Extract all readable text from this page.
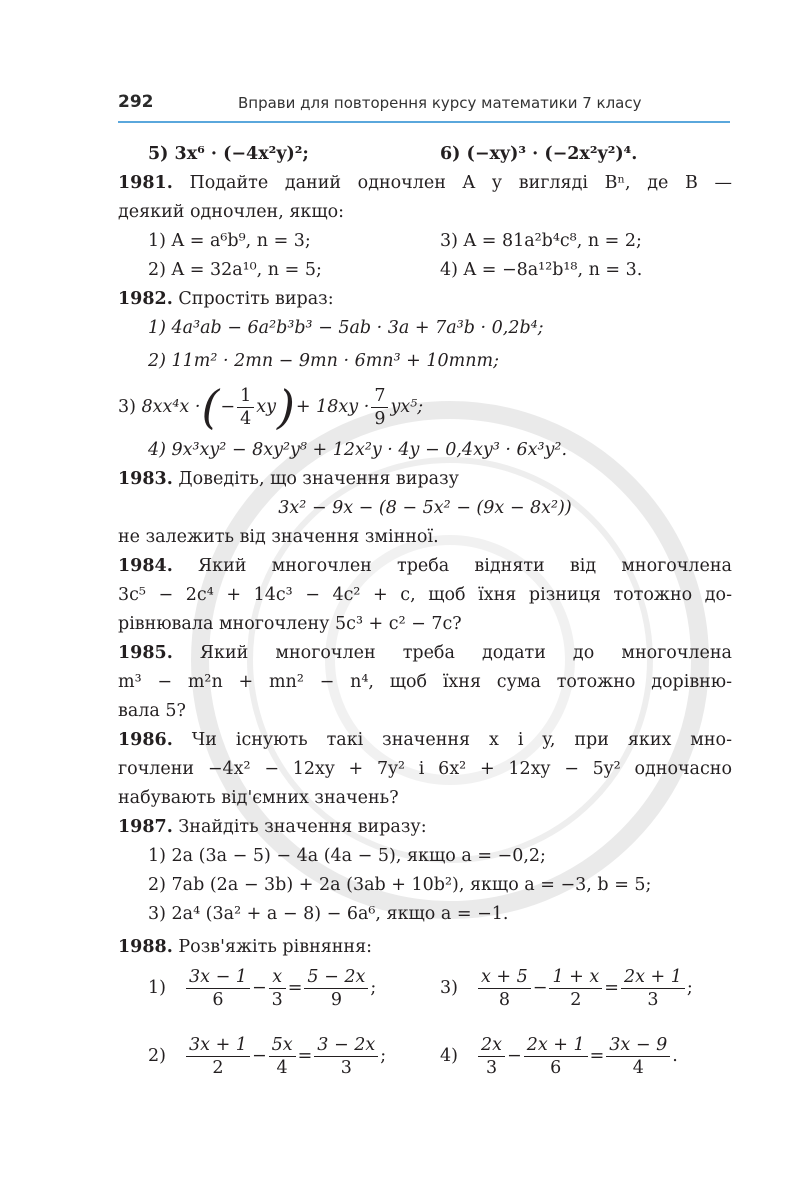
292	Вправи для повторення курсу математики 7 класу
5) 3x⁶ · (−4x²y)²;	6) (−xy)³ · (−2x²y²)⁴.
1981. Подайте даний одночлен A у вигляді Bⁿ, де B —
деякий одночлен, якщо:
1) A = a⁶b⁹, n = 3;	3) A = 81a²b⁴c⁸, n = 2;
2) A = 32a¹⁰, n = 5;	4) A = −8a¹²b¹⁸, n = 3.
1982. Спростіть вираз:
1) 4a³ab − 6a²b³b³ − 5ab · 3a + 7a³b · 0,2b⁴;
2) 11m² · 2mn − 9mn · 6mn³ + 10mnm;
3)
8xx⁴x · ( − $\frac{1}{4}$ xy ) + 18xy ·
7
9
yx⁵;
4) 9x³xy² − 8xy²y⁸ + 12x²y · 4y − 0,4xy³ · 6x³y².
1983. Доведіть, що значення виразу
3x² − 9x − (8 − 5x² − (9x − 8x²))
не залежить від значення змінної.
1984. Який многочлен треба відняти від многочлена
3c⁵ − 2c⁴ + 14c³ − 4c² + c, щоб їхня різниця тотожно до-
рівнювала многочлену 5c³ + c² − 7c?
1985. Який многочлен треба додати до многочлена
m³ − m²n + mn² − n⁴, щоб їхня сума тотожно дорівню-
вала 5?
1986. Чи існують такі значення x і y, при яких мно-
гочлени −4x² − 12xy + 7y² і 6x² + 12xy − 5y² одночасно
набувають від'ємних значень?
1987. Знайдіть значення виразу:
1) 2a (3a − 5) − 4a (4a − 5), якщо a = −0,2;
2) 7ab (2a − 3b) + 2a (3ab + 10b²), якщо a = −3, b = 5;
3) 2a⁴ (3a² + a − 8) − 6a⁶, якщо a = −1.
1988. Розв'яжіть рівняння:
1)
3x − 1
6
− $\frac{x}{3} = \frac{5 - 2x}{9}$ ;	3)
x + 5
8
− $\frac{1 + x}{2} = \frac{2x + 1}{3}$ ;
2)
3x + 1
2
− $\frac{5x}{4} = \frac{3 - 2x}{3}$ ;	4)
2x
3
− $\frac{2x + 1}{6} = \frac{3x - 9}{4}$ .
